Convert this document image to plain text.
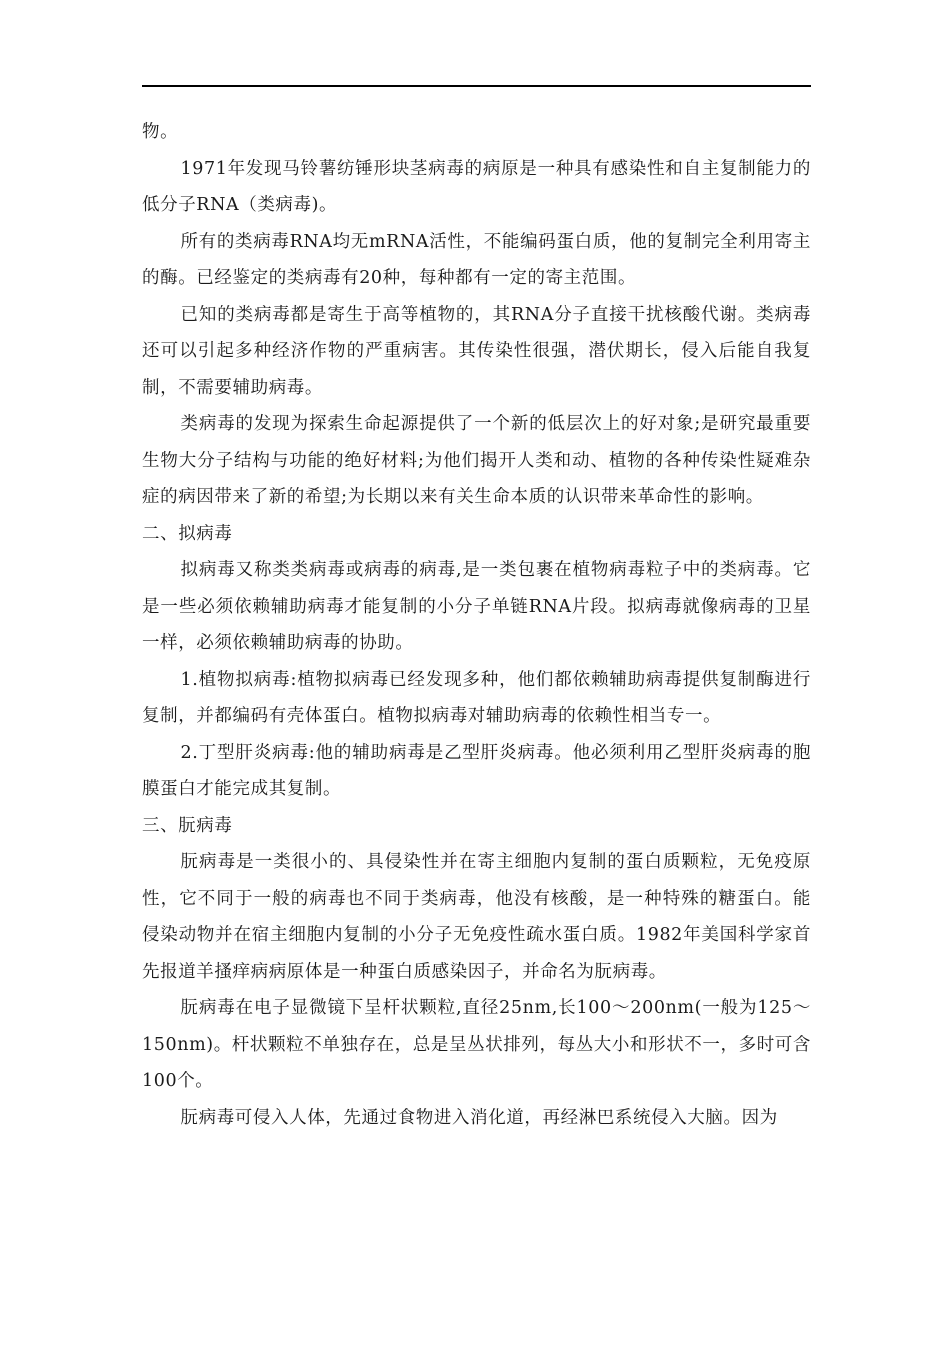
物。

1971年发现马铃薯纺锤形块茎病毒的病原是一种具有感染性和自主复制能力的低分子RNA（类病毒)。

所有的类病毒RNA均无mRNA活性，不能编码蛋白质，他的复制完全利用寄主的酶。已经鉴定的类病毒有20种，每种都有一定的寄主范围。

已知的类病毒都是寄生于高等植物的，其RNA分子直接干扰核酸代谢。类病毒还可以引起多种经济作物的严重病害。其传染性很强，潜伏期长，侵入后能自我复制，不需要辅助病毒。

类病毒的发现为探索生命起源提供了一个新的低层次上的好对象;是研究最重要生物大分子结构与功能的绝好材料;为他们揭开人类和动、植物的各种传染性疑难杂症的病因带来了新的希望;为长期以来有关生命本质的认识带来革命性的影响。

二、拟病毒

拟病毒又称类类病毒或病毒的病毒,是一类包裹在植物病毒粒子中的类病毒。它是一些必须依赖辅助病毒才能复制的小分子单链RNA片段。拟病毒就像病毒的卫星一样，必须依赖辅助病毒的协助。

1.植物拟病毒:植物拟病毒已经发现多种，他们都依赖辅助病毒提供复制酶进行复制，并都编码有壳体蛋白。植物拟病毒对辅助病毒的依赖性相当专一。

2.丁型肝炎病毒:他的辅助病毒是乙型肝炎病毒。他必须利用乙型肝炎病毒的胞膜蛋白才能完成其复制。

三、朊病毒

朊病毒是一类很小的、具侵染性并在寄主细胞内复制的蛋白质颗粒，无免疫原性，它不同于一般的病毒也不同于类病毒，他没有核酸，是一种特殊的糖蛋白。能侵染动物并在宿主细胞内复制的小分子无免疫性疏水蛋白质。1982年美国科学家首先报道羊搔痒病病原体是一种蛋白质感染因子，并命名为朊病毒。

朊病毒在电子显微镜下呈杆状颗粒,直径25nm,长100～200nm(一般为125～150nm)。杆状颗粒不单独存在，总是呈丛状排列，每丛大小和形状不一，多时可含100个。

朊病毒可侵入人体，先通过食物进入消化道，再经淋巴系统侵入大脑。因为
